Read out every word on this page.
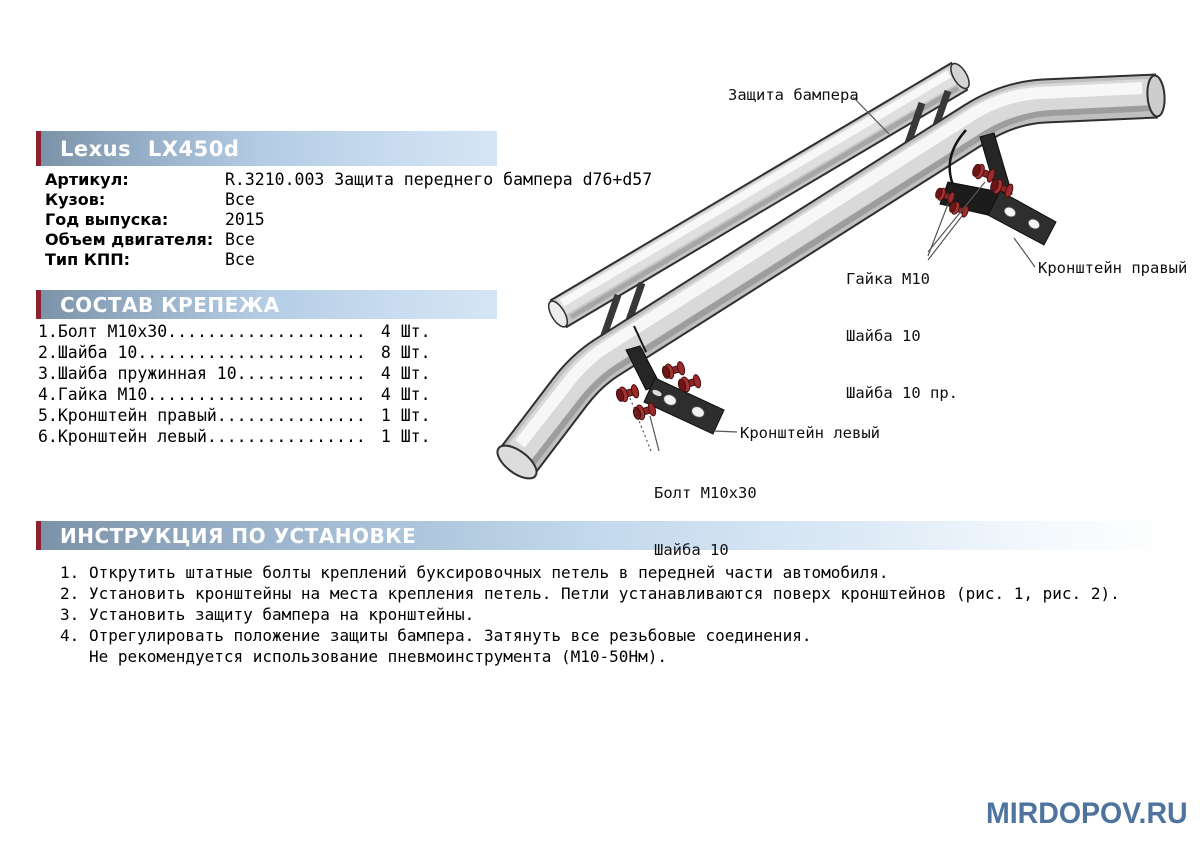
Lexus LX450d
Артикул:	R.3210.003 Защита переднего бампера d76+d57
Кузов:	Все
Год выпуска:	2015
Объем двигателя: Все
Тип КПП:	Все
СОСТАВ КРЕПЕЖА
1.Болт М10х30.................... 4 Шт.
2.Шайба 10....................... 8 Шт.
3.Шайба пружинная 10............. 4 Шт.
4.Гайка М10...................... 4 Шт.
5.Кронштейн правый............... 1 Шт.
6.Кронштейн левый................ 1 Шт.
ИНСТРУКЦИЯ ПО УСТАНОВКЕ
1. Открутить штатные болты креплений буксировочных петель в передней части автомобиля.
2. Установить кронштейны на места крепления петель. Петли устанавливаются поверх кронштейнов (рис. 1, рис. 2).
3. Установить защиту бампера на кронштейны.
4. Отрегулировать положение защиты бампера. Затянуть все резьбовые соединения.
Не рекомендуется использование пневмоинструмента (М10-50Нм).
Защита бампера

Гайка М10

Шайба 10

Шайба 10 пр.

Кронштейн правый
Кронштейн левый

Болт М10х30

Шайба 10

MIRDOPOV.RU
